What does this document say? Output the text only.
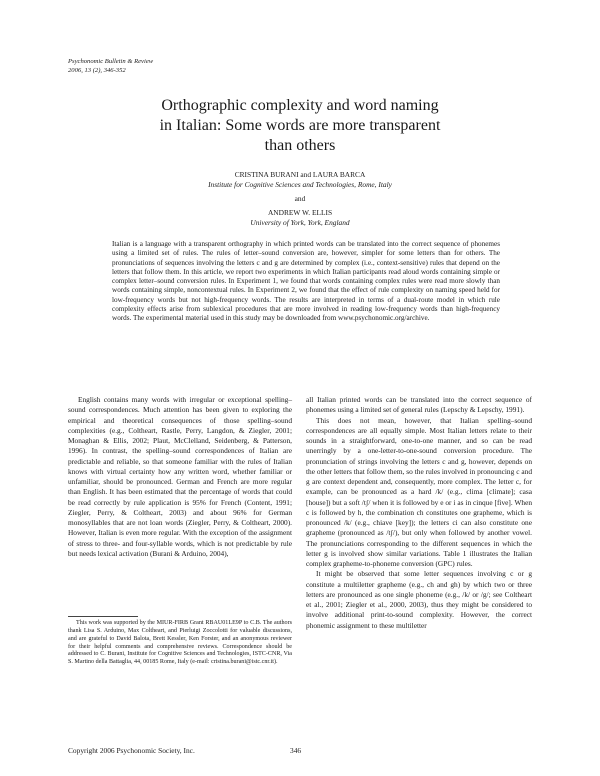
Psychonomic Bulletin & Review
2006, 13 (2), 346-352
Orthographic complexity and word naming
in Italian: Some words are more transparent
than others
CRISTINA BURANI and LAURA BARCA
Institute for Cognitive Sciences and Technologies, Rome, Italy
and
ANDREW W. ELLIS
University of York, York, England
Italian is a language with a transparent orthography in which printed words can be translated into the correct sequence of phonemes using a limited set of rules. The rules of letter–sound conversion are, however, simpler for some letters than for others. The pronunciations of sequences involving the letters c and g are determined by complex (i.e., context-sensitive) rules that depend on the letters that follow them. In this article, we report two experiments in which Italian participants read aloud words containing simple or complex letter–sound conversion rules. In Experiment 1, we found that words containing complex rules were read more slowly than words containing simple, noncontextual rules. In Experiment 2, we found that the effect of rule complexity on naming speed held for low-frequency words but not high-frequency words. The results are interpreted in terms of a dual-route model in which rule complexity effects arise from sublexical procedures that are more involved in reading low-frequency words than high-frequency words. The experimental material used in this study may be downloaded from www.psychonomic.org/archive.

English contains many words with irregular or exceptional spelling–sound correspondences. Much attention has been given to exploring the empirical and theoretical consequences of those spelling–sound complexities (e.g., Coltheart, Rastle, Perry, Langdon, & Ziegler, 2001; Monaghan & Ellis, 2002; Plaut, McClelland, Seidenberg, & Patterson, 1996). In contrast, the spelling–sound correspondences of Italian are predictable and reliable, so that someone familiar with the rules of Italian knows with virtual certainty how any written word, whether familiar or unfamiliar, should be pronounced. German and French are more regular than English. It has been estimated that the percentage of words that could be read correctly by rule application is 95% for French (Content, 1991; Ziegler, Perry, & Coltheart, 2003) and about 96% for German monosyllables that are not loan words (Ziegler, Perry, & Coltheart, 2000). However, Italian is even more regular. With the exception of the assignment of stress to three- and four-syllable words, which is not predictable by rule but needs lexical activation (Burani & Arduino, 2004),

all Italian printed words can be translated into the correct sequence of phonemes using a limited set of general rules (Lepschy & Lepschy, 1991).

This does not mean, however, that Italian spelling–sound correspondences are all equally simple. Most Italian letters relate to their sounds in a straightforward, one-to-one manner, and so can be read unerringly by a one-letter-to-one-sound conversion procedure. The pronunciation of strings involving the letters c and g, however, depends on the other letters that follow them, so the rules involved in pronouncing c and g are context dependent and, consequently, more complex. The letter c, for example, can be pronounced as a hard /k/ (e.g., clima [climate]; casa [house]) but a soft /tʃ/ when it is followed by e or i as in cinque [five]. When c is followed by h, the combination ch constitutes one grapheme, which is pronounced /k/ (e.g., chiave [key]); the letters ci can also constitute one grapheme (pronounced as /tʃ/), but only when followed by another vowel. The pronunciations corresponding to the different sequences in which the letter g is involved show similar variations. Table 1 illustrates the Italian complex grapheme-to-phoneme conversion (GPC) rules.

It might be observed that some letter sequences involving c or g constitute a multiletter grapheme (e.g., ch and gh) by which two or three letters are pronounced as one single phoneme (e.g., /k/ or /g/; see Coltheart et al., 2001; Ziegler et al., 2000, 2003), thus they might be considered to involve additional print-to-sound complexity. However, the correct phonemic assignment to these multiletter

This work was supported by the MIUR-FIRB Grant RBAU01LE9P to C.B. The authors thank Lisa S. Arduino, Max Coltheart, and Pierluigi Zoccolotti for valuable discussions, and are grateful to David Balota, Brett Kessler, Ken Forster, and an anonymous reviewer for their helpful comments and comprehensive reviews. Correspondence should be addressed to C. Burani, Institute for Cognitive Sciences and Technologies, ISTC-CNR, Via S. Martino della Battaglia, 44, 00185 Rome, Italy (e-mail: cristina.burani@istc.cnr.it).

Copyright 2006 Psychonomic Society, Inc.	346
